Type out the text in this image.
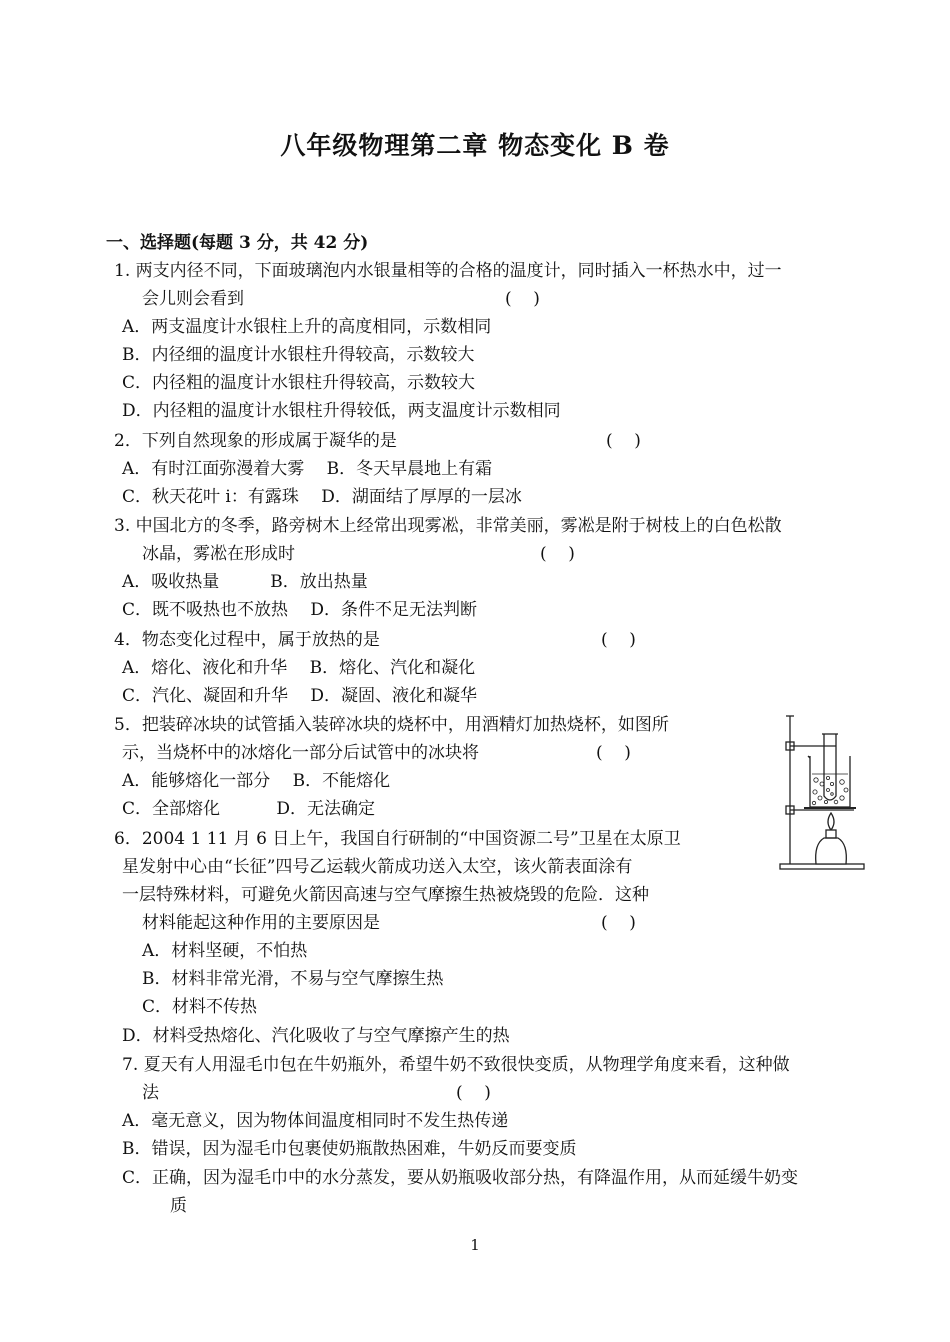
八年级物理第二章 物态变化 B 卷
一、选择题(每题 3 分，共 42 分)
1. 两支内径不同，下面玻璃泡内水银量相等的合格的温度计，同时插入一杯热水中，过一
会儿则会看到	(    )
A．两支温度计水银柱上升的高度相同，示数相同
B．内径细的温度计水银柱升得较高，示数较大
C．内径粗的温度计水银柱升得较高，示数较大
D．内径粗的温度计水银柱升得较低，两支温度计示数相同
2．下列自然现象的形成属于凝华的是	(    )
A．有时江面弥漫着大雾　 B．冬天早晨地上有霜
C．秋天花叶 i：有露珠　 D．湖面结了厚厚的一层冰
3. 中国北方的冬季，路旁树木上经常出现雾凇，非常美丽，雾凇是附于树枝上的白色松散
冰晶，雾凇在形成时	(    )
A．吸收热量　　　B．放出热量
C．既不吸热也不放热　 D．条件不足无法判断
4．物态变化过程中，属于放热的是	(    )
A．熔化、液化和升华　 B．熔化、汽化和凝化
C．汽化、凝固和升华　 D．凝固、液化和凝华
5．把装碎冰块的试管插入装碎冰块的烧杯中，用酒精灯加热烧杯，如图所
示，当烧杯中的冰熔化一部分后试管中的冰块将	(    )
A．能够熔化一部分　 B．不能熔化
C．全部熔化　　　 D．无法确定
6．2004 1 11 月 6 日上午，我国自行研制的“中国资源二号”卫星在太原卫
星发射中心由“长征”四号乙运载火箭成功送入太空，该火箭表面涂有
一层特殊材料，可避免火箭因高速与空气摩擦生热被烧毁的危险．这种
材料能起这种作用的主要原因是	(    )
A．材料坚硬，不怕热
B．材料非常光滑，不易与空气摩擦生热
C．材料不传热
D．材料受热熔化、汽化吸收了与空气摩擦产生的热
7. 夏天有人用湿毛巾包在牛奶瓶外，希望牛奶不致很快变质，从物理学角度来看，这种做
法	(    )
A．毫无意义，因为物体间温度相同时不发生热传递
B．错误，因为湿毛巾包裹使奶瓶散热困难，牛奶反而要变质
C．正确，因为湿毛巾中的水分蒸发，要从奶瓶吸收部分热，有降温作用，从而延缓牛奶变
质
1
